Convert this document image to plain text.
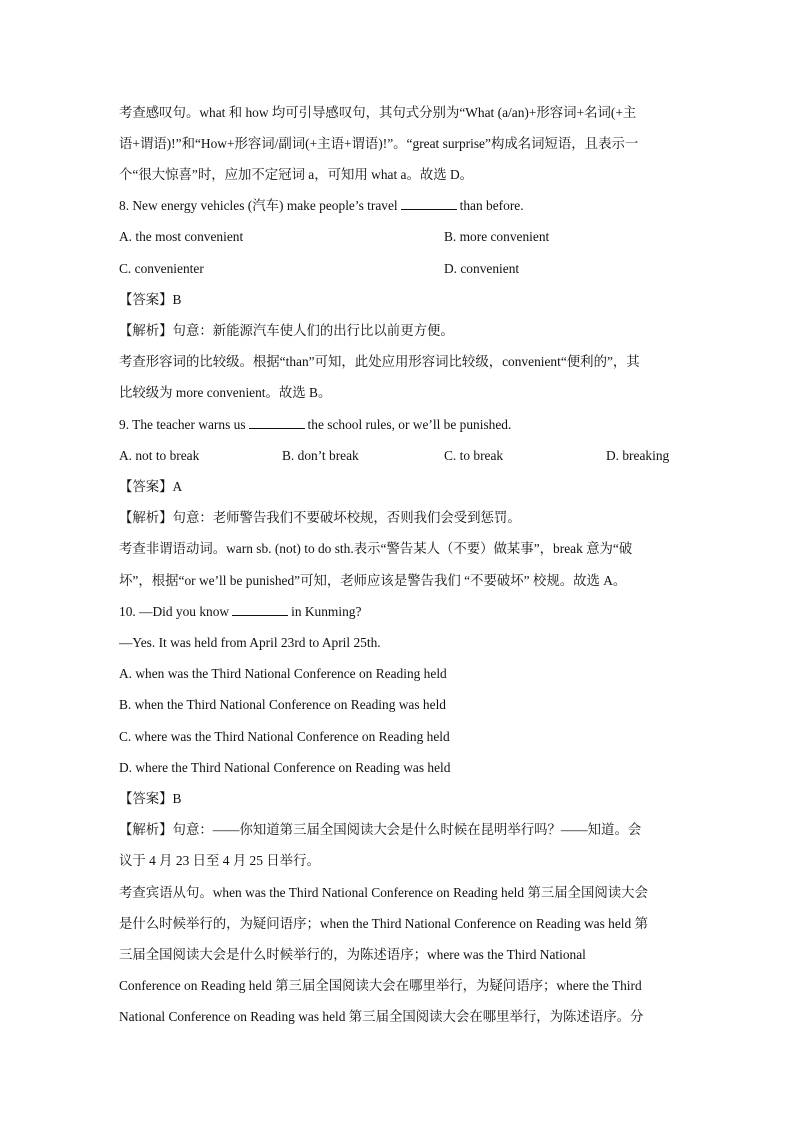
考查感叹句。what 和 how 均可引导感叹句，其句式分别为“What (a/an)+形容词+名词(+主
语+谓语)!”和“How+形容词/副词(+主语+谓语)!”。“great surprise”构成名词短语，且表示一
个“很大惊喜”时，应加不定冠词 a，可知用 what a。故选 D。
8. New energy vehicles (汽车) make people’s travel	than before.
A. the most convenient	B. more convenient
C. convenienter	D. convenient
【答案】B
【解析】句意：新能源汽车使人们的出行比以前更方便。
考查形容词的比较级。根据“than”可知，此处应用形容词比较级，convenient“便利的”，其
比较级为 more convenient。故选 B。
9. The teacher warns us	the school rules, or we’ll be punished.
A. not to break	B. don’t break	C. to break	D. breaking
【答案】A
【解析】句意：老师警告我们不要破坏校规，否则我们会受到惩罚。
考查非谓语动词。warn sb. (not) to do sth.表示“警告某人（不要）做某事”，break 意为“破
坏”，根据“or we’ll be punished”可知，老师应该是警告我们 “不要破坏” 校规。故选 A。
10. —Did you know	in Kunming?
—Yes. It was held from April 23rd to April 25th.
A. when was the Third National Conference on Reading held
B. when the Third National Conference on Reading was held
C. where was the Third National Conference on Reading held
D. where the Third National Conference on Reading was held
【答案】B
【解析】句意：——你知道第三届全国阅读大会是什么时候在昆明举行吗？——知道。会
议于 4 月 23 日至 4 月 25 日举行。
考查宾语从句。when was the Third National Conference on Reading held 第三届全国阅读大会
是什么时候举行的，为疑问语序；when the Third National Conference on Reading was held 第
三届全国阅读大会是什么时候举行的，为陈述语序；where was the Third National
Conference on Reading held 第三届全国阅读大会在哪里举行，为疑问语序；where the Third
National Conference on Reading was held 第三届全国阅读大会在哪里举行，为陈述语序。分
